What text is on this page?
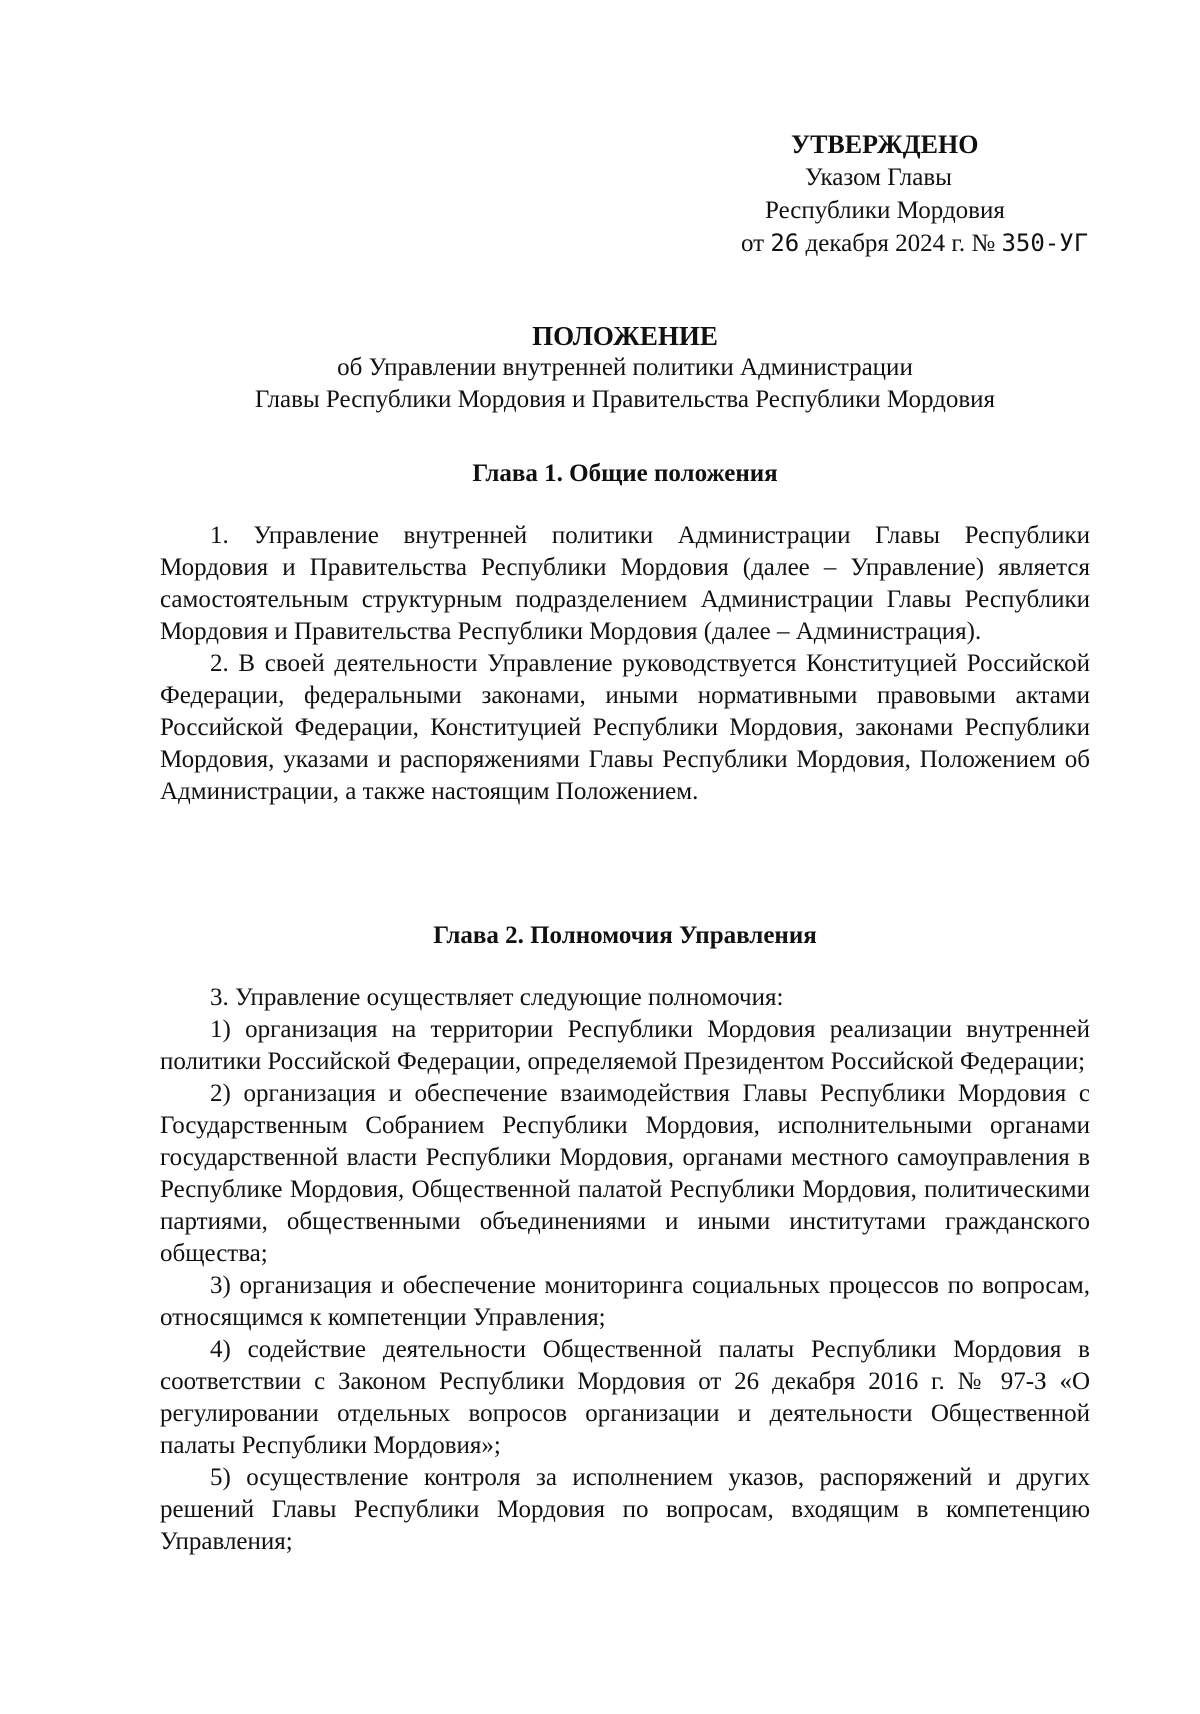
УТВЕРЖДЕНО
Указом Главы
Республики Мордовия
от 26 декабря 2024 г. № 350-УГ
ПОЛОЖЕНИЕ
об Управлении внутренней политики Администрации
Главы Республики Мордовия и Правительства Республики Мордовия
Глава 1. Общие положения

1. Управление внутренней политики Администрации Главы Республики Мордовия и Правительства Республики Мордовия (далее – Управление) является самостоятельным структурным подразделением Администрации Главы Республики Мордовия и Правительства Республики Мордовия (далее – Администрация).

2. В своей деятельности Управление руководствуется Конституцией Российской Федерации, федеральными законами, иными нормативными правовыми актами Российской Федерации, Конституцией Республики Мордовия, законами Республики Мордовия, указами и распоряжениями Главы Республики Мордовия, Положением об Администрации, а также настоящим Положением.

Глава 2. Полномочия Управления

3. Управление осуществляет следующие полномочия:

1) организация на территории Республики Мордовия реализации внутренней политики Российской Федерации, определяемой Президентом Российской Федерации;

2) организация и обеспечение взаимодействия Главы Республики Мордовия с Государственным Собранием Республики Мордовия, исполнительными органами государственной власти Республики Мордовия, органами местного самоуправления в Республике Мордовия, Общественной палатой Республики Мордовия, политическими партиями, общественными объединениями и иными институтами гражданского общества;

3) организация и обеспечение мониторинга социальных процессов по вопросам, относящимся к компетенции Управления;

4) содействие деятельности Общественной палаты Республики Мордовия в соответствии с Законом Республики Мордовия от 26 декабря 2016 г. № 97-З «О регулировании отдельных вопросов организации и деятельности Общественной палаты Республики Мордовия»;

5) осуществление контроля за исполнением указов, распоряжений и других решений Главы Республики Мордовия по вопросам, входящим в компетенцию Управления;
